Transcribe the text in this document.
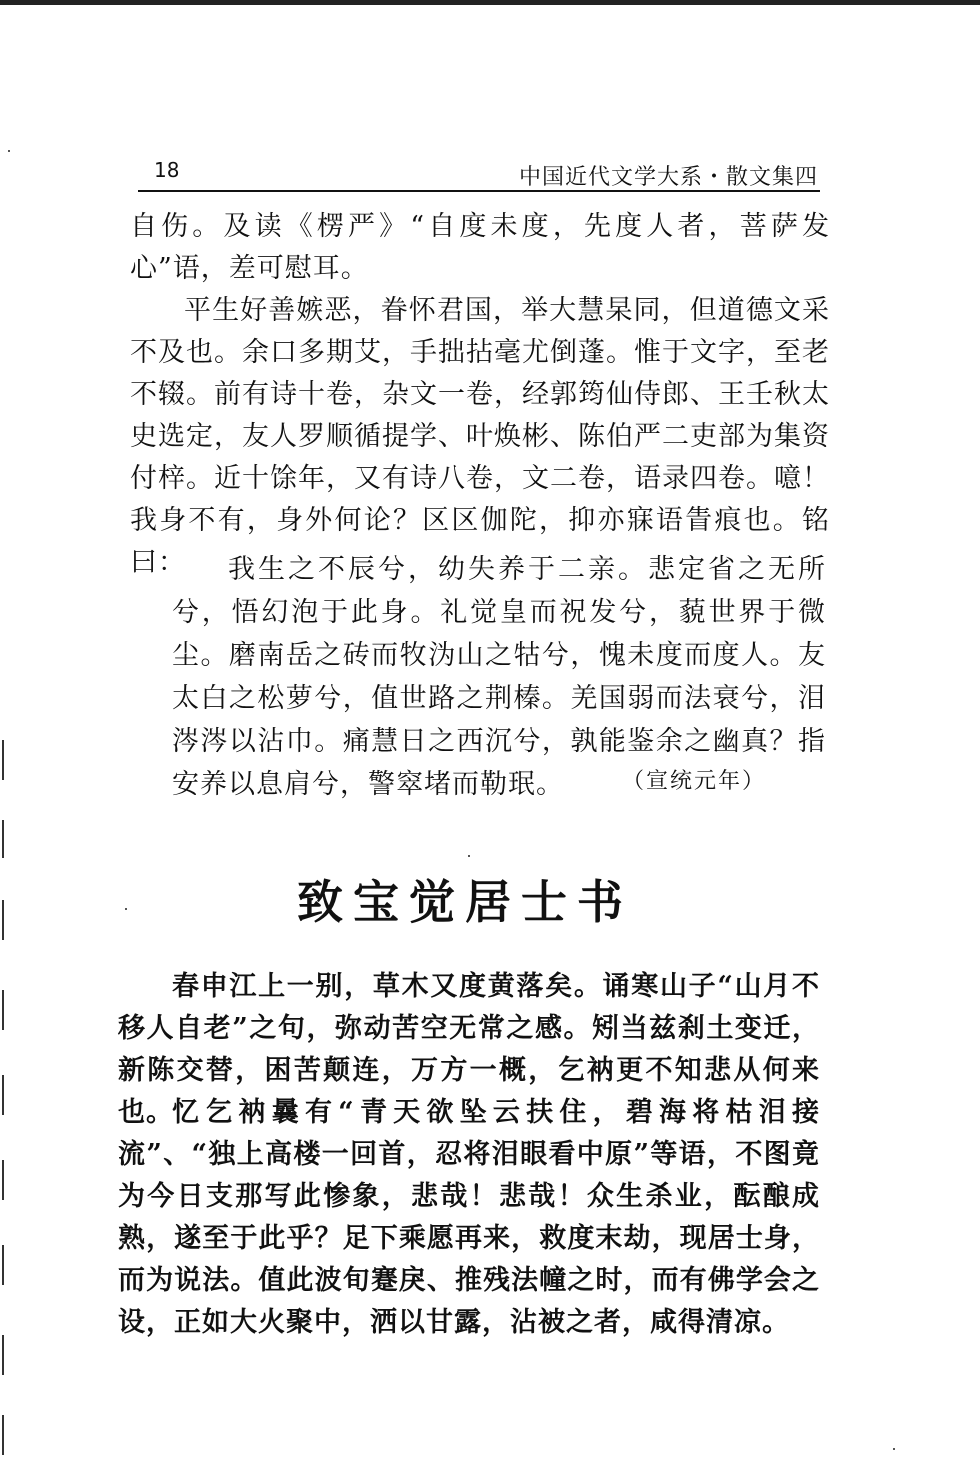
18	中国近代文学大系・散文集四

自伤。及读《楞严》“自度未度，先度人者，菩萨发心”语，差可慰耳。

平生好善嫉恶，眷怀君国，举大慧杲同，但道德文采不及也。余口多期艾，手拙拈毫尤倒蓬。惟于文字，至老不辍。前有诗十卷，杂文一卷，经郭筠仙侍郎、王壬秋太史选定，友人罗顺循提学、叶焕彬、陈伯严二吏部为集资付梓。近十馀年，又有诗八卷，文二卷，语录四卷。噫！我身不有，身外何论？区区伽陀，抑亦寐语眚痕也。铭曰：	我生之不辰兮，幼失养于二亲。悲定省之无所兮，悟幻泡于此身。礼觉皇而祝发兮，藐世界于微尘。磨南岳之砖而牧沩山之牯兮，愧未度而度人。友太白之松萝兮，值世路之荆榛。羌国弱而法衰兮，泪涔涔以沾巾。痛慧日之西沉兮，孰能鉴余之幽真？指安养以息肩兮，警窣堵而勒珉。	（宣统元年）
致宝觉居士书

春申江上一别，草木又度黄落矣。诵寒山子“山月不移人自老”之句，弥动苦空无常之感。矧当兹刹土变迁，新陈交替，困苦颠连，万方一概，乞衲更不知悲从何来也。

忆乞衲曩有“青天欲坠云扶住，碧海将枯泪接流”、“独上高楼一回首，忍将泪眼看中原”等语，不图竟为今日支那写此惨象，悲哉！悲哉！众生杀业，酝酿成熟，遂至于此乎？足下乘愿再来，救度末劫，现居士身，而为说法。值此波旬蹇戾、推残法幢之时，而有佛学会之设，正如大火聚中，洒以甘露，沾被之者，咸得清凉。
